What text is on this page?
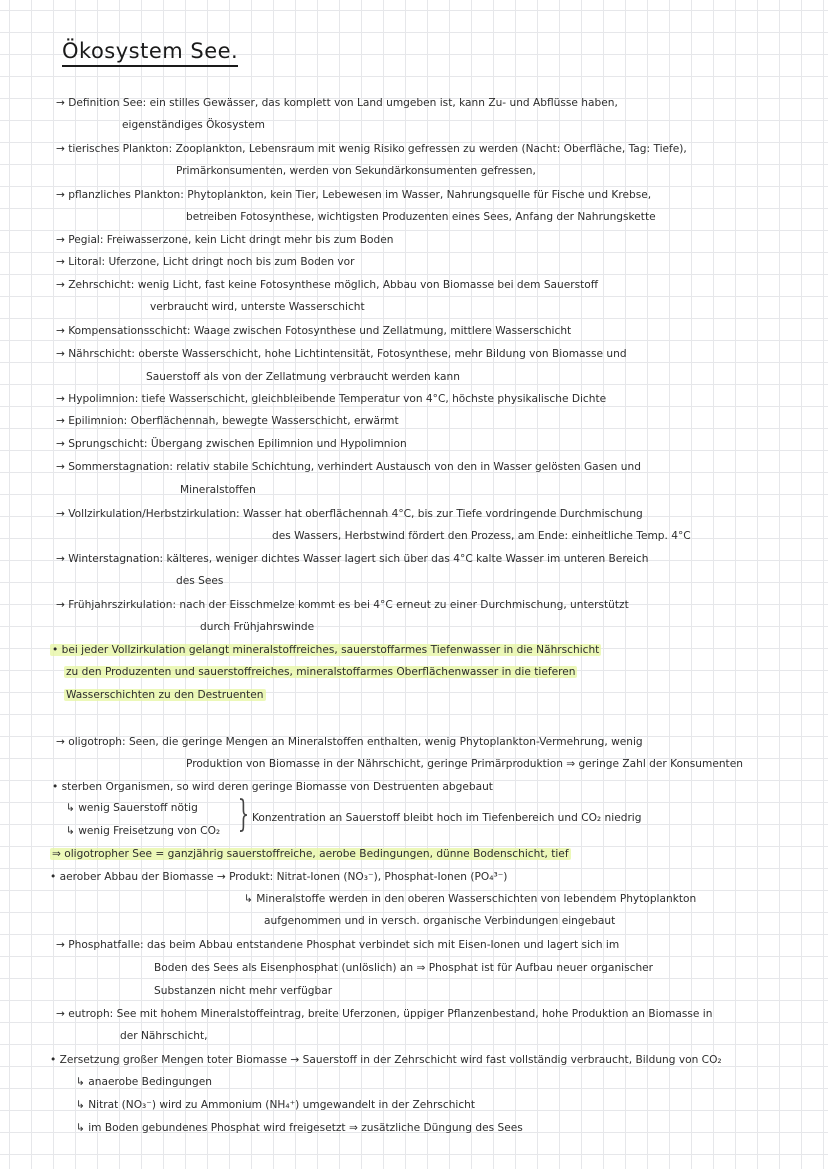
Ökosystem See.
→ Definition See: ein stilles Gewässer, das komplett von Land umgeben ist, kann Zu- und Abflüsse haben,
eigenständiges Ökosystem
→ tierisches Plankton: Zooplankton, Lebensraum mit wenig Risiko gefressen zu werden (Nacht: Oberfläche, Tag: Tiefe),
Primärkonsumenten, werden von Sekundärkonsumenten gefressen,
→ pflanzliches Plankton: Phytoplankton, kein Tier, Lebewesen im Wasser, Nahrungsquelle für Fische und Krebse,
betreiben Fotosynthese, wichtigsten Produzenten eines Sees, Anfang der Nahrungskette
→ Pegial: Freiwasserzone, kein Licht dringt mehr bis zum Boden
→ Litoral: Uferzone, Licht dringt noch bis zum Boden vor
→ Zehrschicht: wenig Licht, fast keine Fotosynthese möglich, Abbau von Biomasse bei dem Sauerstoff
verbraucht wird, unterste Wasserschicht
→ Kompensationsschicht: Waage zwischen Fotosynthese und Zellatmung, mittlere Wasserschicht
→ Nährschicht: oberste Wasserschicht, hohe Lichtintensität, Fotosynthese, mehr Bildung von Biomasse und
Sauerstoff als von der Zellatmung verbraucht werden kann
→ Hypolimnion: tiefe Wasserschicht, gleichbleibende Temperatur von 4°C, höchste physikalische Dichte
→ Epilimnion: Oberflächennah, bewegte Wasserschicht, erwärmt
→ Sprungschicht: Übergang zwischen Epilimnion und Hypolimnion
→ Sommerstagnation: relativ stabile Schichtung, verhindert Austausch von den in Wasser gelösten Gasen und
Mineralstoffen
→ Vollzirkulation/Herbstzirkulation: Wasser hat oberflächennah 4°C, bis zur Tiefe vordringende Durchmischung
des Wassers, Herbstwind fördert den Prozess, am Ende: einheitliche Temp. 4°C
→ Winterstagnation: kälteres, weniger dichtes Wasser lagert sich über das 4°C kalte Wasser im unteren Bereich
des Sees
→ Frühjahrszirkulation: nach der Eisschmelze kommt es bei 4°C erneut zu einer Durchmischung, unterstützt
durch Frühjahrswinde
• bei jeder Vollzirkulation gelangt mineralstoffreiches, sauerstoffarmes Tiefenwasser in die Nährschicht
zu den Produzenten und sauerstoffreiches, mineralstoffarmes Oberflächenwasser in die tieferen
Wasserschichten zu den Destruenten
→ oligotroph: Seen, die geringe Mengen an Mineralstoffen enthalten, wenig Phytoplankton-Vermehrung, wenig
Produktion von Biomasse in der Nährschicht, geringe Primärproduktion ⇒ geringe Zahl der Konsumenten
• sterben Organismen, so wird deren geringe Biomasse von Destruenten abgebaut
↳ wenig Sauerstoff nötig
↳ wenig Freisetzung von CO₂ } Konzentration an Sauerstoff bleibt hoch im Tiefenbereich und CO₂ niedrig
⇒ oligotropher See = ganzjährig sauerstoffreiche, aerobe Bedingungen, dünne Bodenschicht, tief
• aerober Abbau der Biomasse → Produkt: Nitrat-Ionen (NO₃⁻), Phosphat-Ionen (PO₄³⁻)
↳ Mineralstoffe werden in den oberen Wasserschichten von lebendem Phytoplankton
aufgenommen und in versch. organische Verbindungen eingebaut
→ Phosphatfalle: das beim Abbau entstandene Phosphat verbindet sich mit Eisen-Ionen und lagert sich im
Boden des Sees als Eisenphosphat (unlöslich) an ⇒ Phosphat ist für Aufbau neuer organischer
Substanzen nicht mehr verfügbar
→ eutroph: See mit hohem Mineralstoffeintrag, breite Uferzonen, üppiger Pflanzenbestand, hohe Produktion an Biomasse in
der Nährschicht,
• Zersetzung großer Mengen toter Biomasse → Sauerstoff in der Zehrschicht wird fast vollständig verbraucht, Bildung von CO₂
↳ anaerobe Bedingungen
↳ Nitrat (NO₃⁻) wird zu Ammonium (NH₄⁺) umgewandelt in der Zehrschicht
↳ im Boden gebundenes Phosphat wird freigesetzt ⇒ zusätzliche Düngung des Sees
